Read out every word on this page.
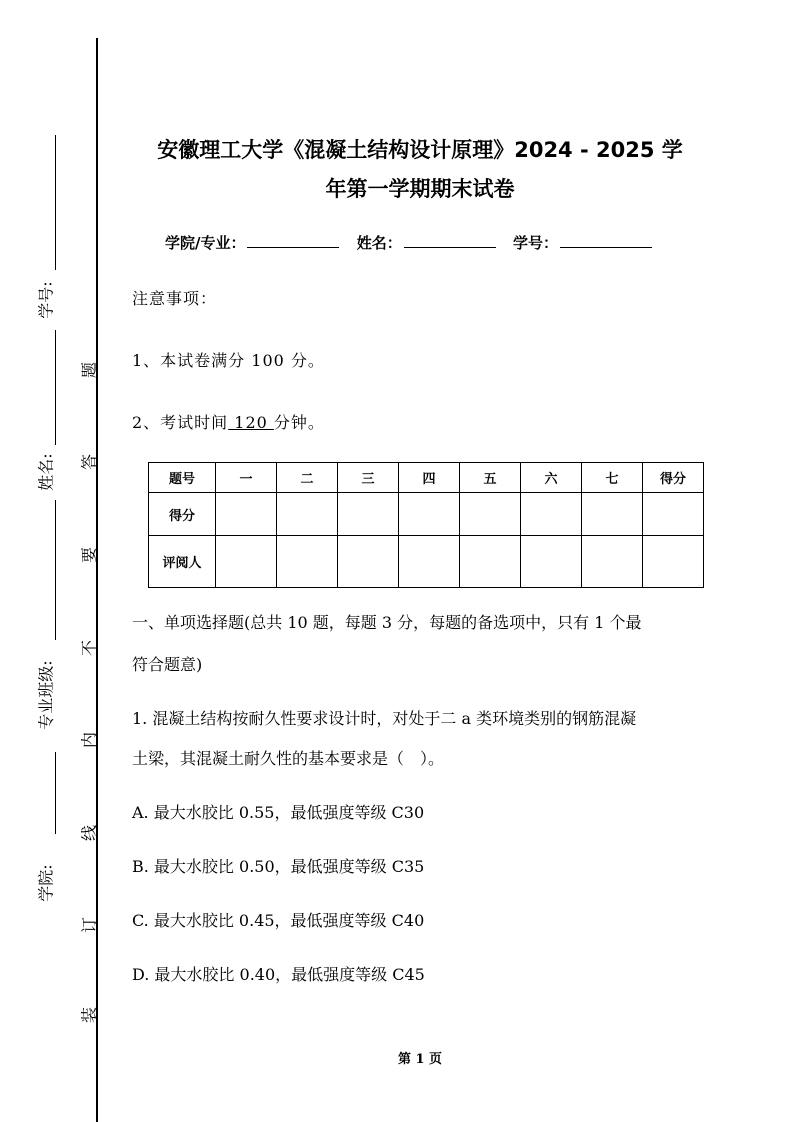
学号:
姓名:
专业班级:
学院:
题
答
要
不
内
线
订
装
安徽理工大学《混凝土结构设计原理》2024 - 2025 学
年第一学期期末试卷
学院/专业：	姓名：	学号：
注意事项：
1、本试卷满分 100 分。
2、考试时间 120 分钟。
题号	一	二	三	四	五	六	七	得分
得分								
评阅人								
一、单项选择题(总共 10 题，每题 3 分，每题的备选项中，只有 1 个最
符合题意)
1. 混凝土结构按耐久性要求设计时，对处于二 a 类环境类别的钢筋混凝
土梁，其混凝土耐久性的基本要求是（　）。
A. 最大水胶比 0.55，最低强度等级 C30
B. 最大水胶比 0.50，最低强度等级 C35
C. 最大水胶比 0.45，最低强度等级 C40
D. 最大水胶比 0.40，最低强度等级 C45
第 1 页
